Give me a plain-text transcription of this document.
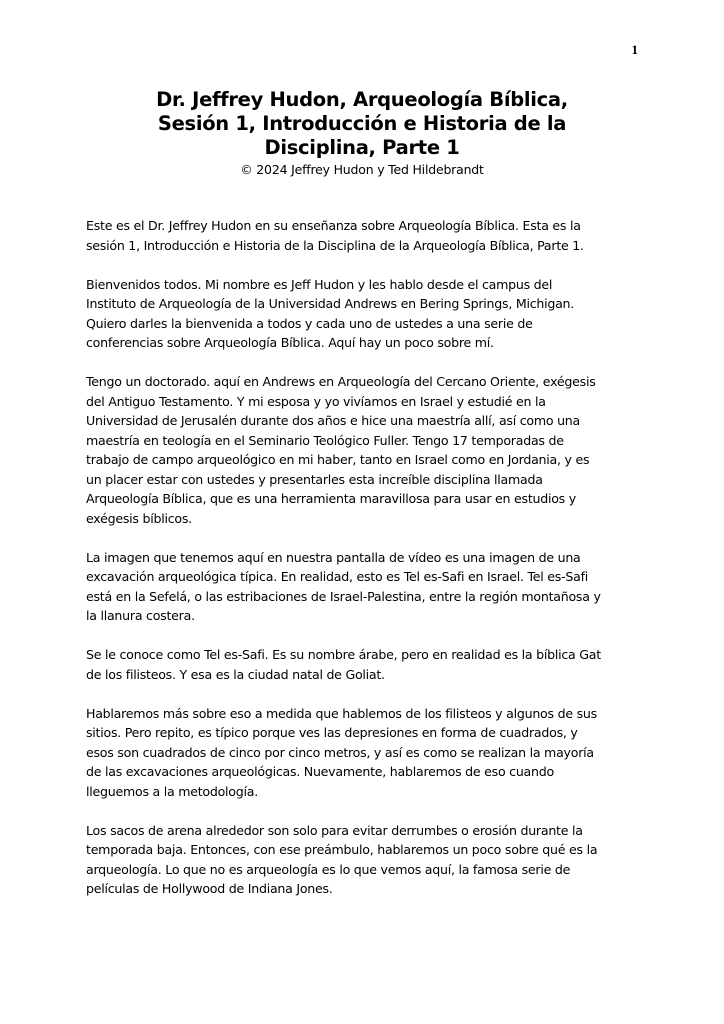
1
Dr. Jeffrey Hudon, Arqueología Bíblica,
Sesión 1, Introducción e Historia de la
Disciplina, Parte 1
© 2024 Jeffrey Hudon y Ted Hildebrandt
Este es el Dr. Jeffrey Hudon en su enseñanza sobre Arqueología Bíblica. Esta es la
sesión 1, Introducción e Historia de la Disciplina de la Arqueología Bíblica, Parte 1.
Bienvenidos todos. Mi nombre es Jeff Hudon y les hablo desde el campus del
Instituto de Arqueología de la Universidad Andrews en Bering Springs, Michigan.
Quiero darles la bienvenida a todos y cada uno de ustedes a una serie de
conferencias sobre Arqueología Bíblica. Aquí hay un poco sobre mí.
Tengo un doctorado. aquí en Andrews en Arqueología del Cercano Oriente, exégesis
del Antiguo Testamento. Y mi esposa y yo vivíamos en Israel y estudié en la
Universidad de Jerusalén durante dos años e hice una maestría allí, así como una
maestría en teología en el Seminario Teológico Fuller. Tengo 17 temporadas de
trabajo de campo arqueológico en mi haber, tanto en Israel como en Jordania, y es
un placer estar con ustedes y presentarles esta increíble disciplina llamada
Arqueología Bíblica, que es una herramienta maravillosa para usar en estudios y
exégesis bíblicos.
La imagen que tenemos aquí en nuestra pantalla de vídeo es una imagen de una
excavación arqueológica típica. En realidad, esto es Tel es-Safi en Israel. Tel es-Safi
está en la Sefelá, o las estribaciones de Israel-Palestina, entre la región montañosa y
la llanura costera.
Se le conoce como Tel es-Safi. Es su nombre árabe, pero en realidad es la bíblica Gat
de los filisteos. Y esa es la ciudad natal de Goliat.
Hablaremos más sobre eso a medida que hablemos de los filisteos y algunos de sus
sitios. Pero repito, es típico porque ves las depresiones en forma de cuadrados, y
esos son cuadrados de cinco por cinco metros, y así es como se realizan la mayoría
de las excavaciones arqueológicas. Nuevamente, hablaremos de eso cuando
lleguemos a la metodología.
Los sacos de arena alrededor son solo para evitar derrumbes o erosión durante la
temporada baja. Entonces, con ese preámbulo, hablaremos un poco sobre qué es la
arqueología. Lo que no es arqueología es lo que vemos aquí, la famosa serie de
películas de Hollywood de Indiana Jones.
